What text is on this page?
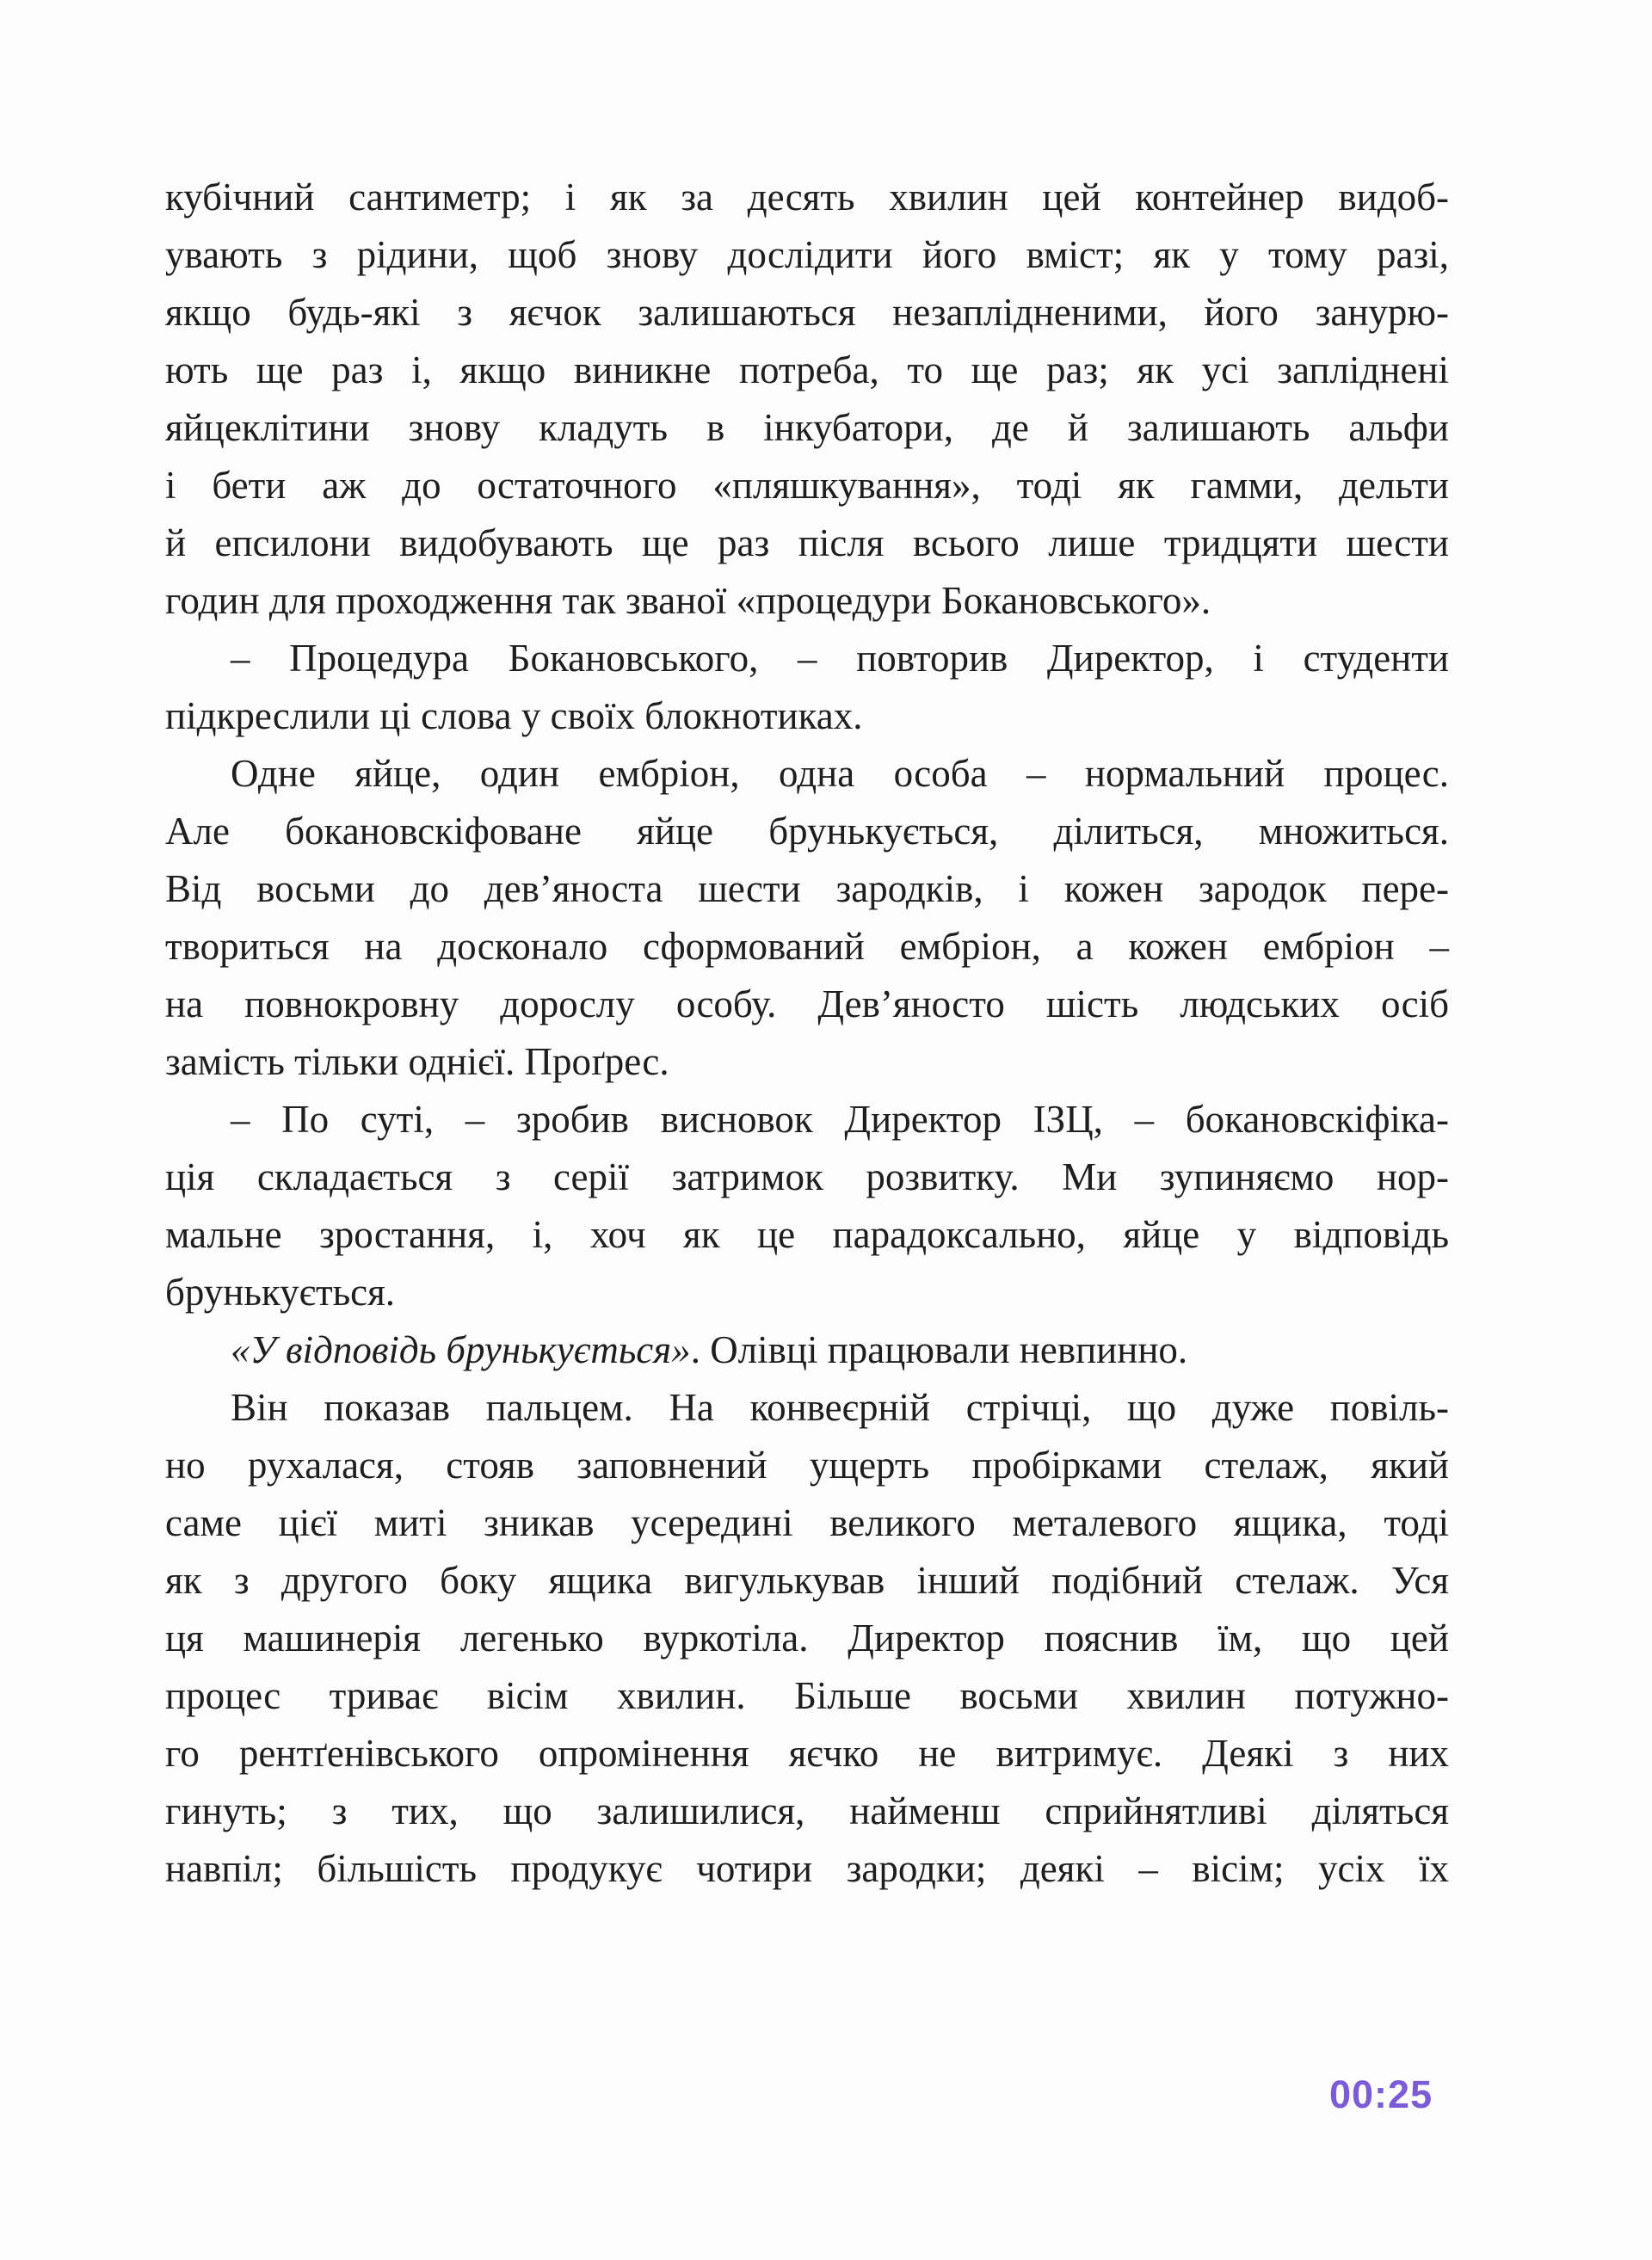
кубічний сантиметр; і як за десять хвилин цей контейнер видоб-
увають з рідини, щоб знову дослідити його вміст; як у тому разі,
якщо будь-які з яєчок залишаються незаплідненими, його занурю-
ють ще раз і, якщо виникне потреба, то ще раз; як усі запліднені
яйцеклітини знову кладуть в інкубатори, де й залишають альфи
і бети аж до остаточного «пляшкування», тоді як гамми, дельти
й епсилони видобувають ще раз після всього лише тридцяти шести
годин для проходження так званої «процедури Бокановського».
– Процедура Бокановського, – повторив Директор, і студенти
підкреслили ці слова у своїх блокнотиках.
Одне яйце, один ембріон, одна особа – нормальний процес.
Але бокановскіфоване яйце брунькується, ділиться, множиться.
Від восьми до дев’яноста шести зародків, і кожен зародок пере-
твориться на досконало сформований ембріон, а кожен ембріон –
на повнокровну дорослу особу. Дев’яносто шість людських осіб
замість тільки однієї. Проґрес.
– По суті, – зробив висновок Директор ІЗЦ, – бокановскіфіка-
ція складається з серії затримок розвитку. Ми зупиняємо нор-
мальне зростання, і, хоч як це парадоксально, яйце у відповідь
брунькується.
«У відповідь брунькується». Олівці працювали невпинно.
Він показав пальцем. На конвеєрній стрічці, що дуже повіль-
но рухалася, стояв заповнений ущерть пробірками стелаж, який
саме цієї миті зникав усередині великого металевого ящика, тоді
як з другого боку ящика вигулькував інший подібний стелаж. Уся
ця машинерія легенько вуркотіла. Директор пояснив їм, що цей
процес триває вісім хвилин. Більше восьми хвилин потужно-
го рентґенівського опромінення яєчко не витримує. Деякі з них
гинуть; з тих, що залишилися, найменш сприйнятливі діляться
навпіл; більшість продукує чотири зародки; деякі – вісім; усіх їх
00:25
